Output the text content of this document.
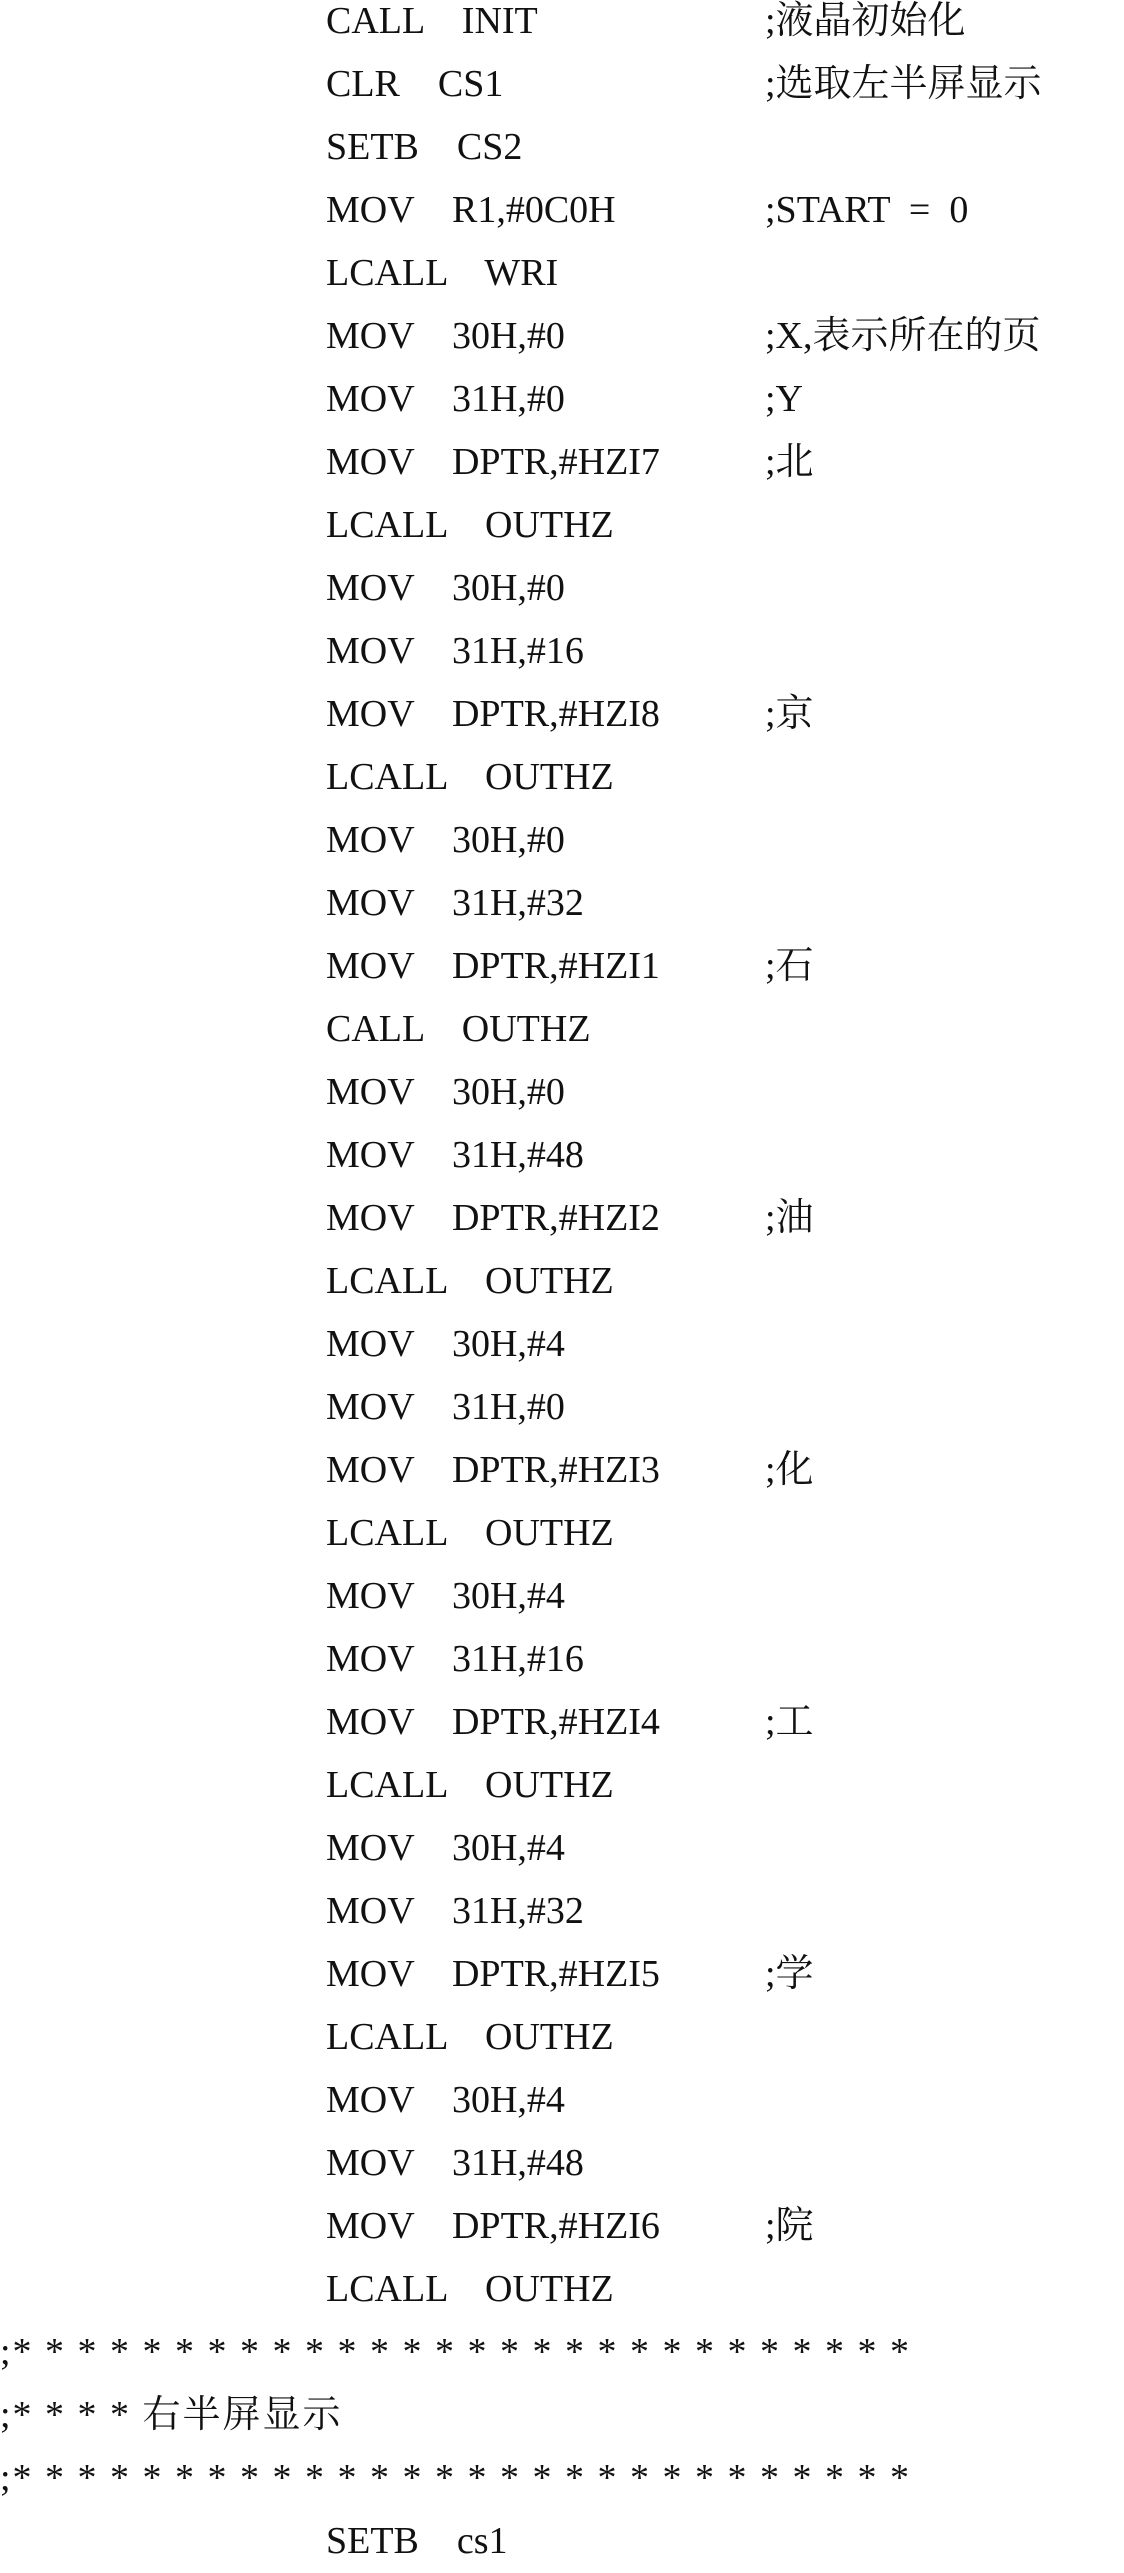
CALL    INIT	;液晶初始化
CLR    CS1	;选取左半屏显示
SETB    CS2
MOV    R1,#0C0H	;START  =  0
LCALL    WRI
MOV    30H,#0	;X,表示所在的页
MOV    31H,#0	;Y
MOV    DPTR,#HZI7	;北
LCALL    OUTHZ
MOV    30H,#0
MOV    31H,#16
MOV    DPTR,#HZI8	;京
LCALL    OUTHZ
MOV    30H,#0
MOV    31H,#32
MOV    DPTR,#HZI1	;石
CALL    OUTHZ
MOV    30H,#0
MOV    31H,#48
MOV    DPTR,#HZI2	;油
LCALL    OUTHZ
MOV    30H,#4
MOV    31H,#0
MOV    DPTR,#HZI3	;化
LCALL    OUTHZ
MOV    30H,#4
MOV    31H,#16
MOV    DPTR,#HZI4	;工
LCALL    OUTHZ
MOV    30H,#4
MOV    31H,#32
MOV    DPTR,#HZI5	;学
LCALL    OUTHZ
MOV    30H,#4
MOV    31H,#48
MOV    DPTR,#HZI6	;院
LCALL    OUTHZ
;* * * * * * * * * * * * * * * * * * * * * * * * * * * *
;* * * * 右半屏显示
;* * * * * * * * * * * * * * * * * * * * * * * * * * * *
SETB    cs1
